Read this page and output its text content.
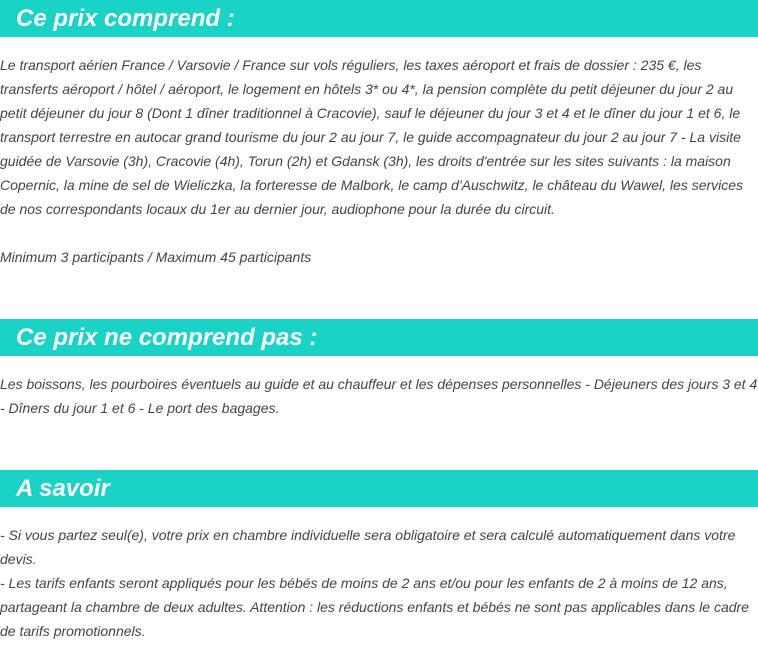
Ce prix comprend :

Le transport aérien France / Varsovie / France sur vols réguliers, les taxes aéroport et frais de dossier : 235 €, les transferts aéroport / hôtel / aéroport, le logement en hôtels 3* ou 4*, la pension complète du petit déjeuner du jour 2 au petit déjeuner du jour 8 (Dont 1 dîner traditionnel à Cracovie), sauf le déjeuner du jour 3 et 4 et le dîner du jour 1 et 6, le transport terrestre en autocar grand tourisme du jour 2 au jour 7, le guide accompagnateur du jour 2 au jour 7 - La visite guidée de Varsovie (3h), Cracovie (4h), Torun (2h) et Gdansk (3h), les droits d'entrée sur les sites suivants : la maison Copernic, la mine de sel de Wieliczka, la forteresse de Malbork, le camp d'Auschwitz, le château du Wawel, les services de nos correspondants locaux du 1er au dernier jour, audiophone pour la durée du circuit.

Minimum 3 participants / Maximum 45 participants

Ce prix ne comprend pas :

Les boissons, les pourboires éventuels au guide et au chauffeur et les dépenses personnelles - Déjeuners des jours 3 et 4 - Dîners du jour 1 et 6 - Le port des bagages.

A savoir

- Si vous partez seul(e), votre prix en chambre individuelle sera obligatoire et sera calculé automatiquement dans votre devis.

- Les tarifs enfants seront appliqués pour les bébés de moins de 2 ans et/ou pour les enfants de 2 à moins de 12 ans, partageant la chambre de deux adultes. Attention : les réductions enfants et bébés ne sont pas applicables dans le cadre de tarifs promotionnels.
